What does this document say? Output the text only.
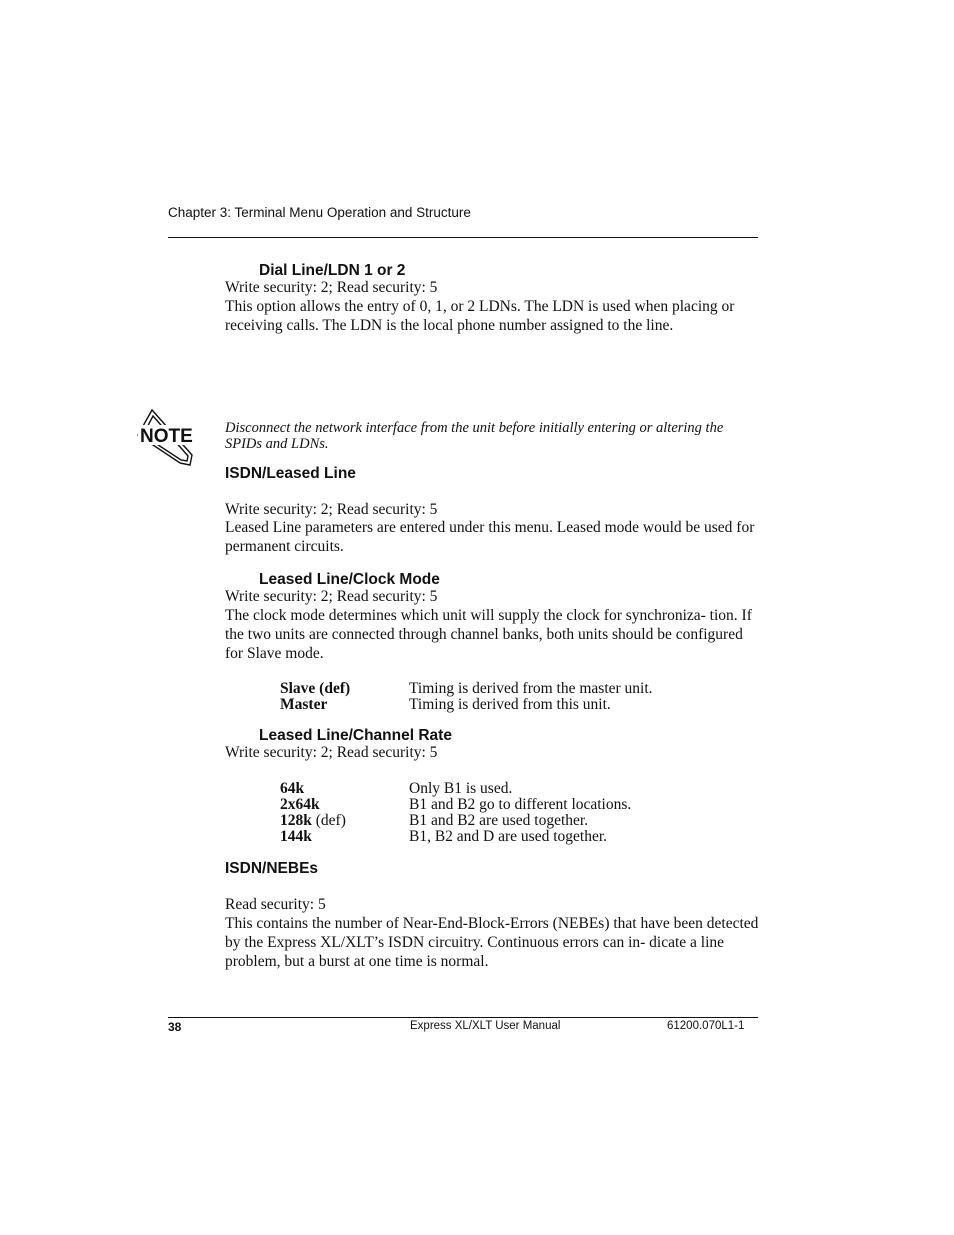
Chapter 3: Terminal Menu Operation and Structure
Dial Line/LDN 1 or 2
Write security: 2; Read security: 5
This option allows the entry of 0, 1, or 2 LDNs. The LDN is used when placing or receiving calls. The LDN is the local phone number assigned to the line.
NOTE Disconnect the network interface from the unit before initially entering or altering the SPIDs and LDNs.
ISDN/Leased Line
Write security: 2; Read security: 5
Leased Line parameters are entered under this menu. Leased mode would be used for permanent circuits.
Leased Line/Clock Mode
Write security: 2; Read security: 5
The clock mode determines which unit will supply the clock for synchroniza- tion. If the two units are connected through channel banks, both units should be configured for Slave mode.
Slave (def)	Timing is derived from the master unit.
Master	Timing is derived from this unit.
Leased Line/Channel Rate
Write security: 2; Read security: 5
64k	Only B1 is used.
2x64k	B1 and B2 go to different locations.
128k (def)	B1 and B2 are used together.
144k	B1, B2 and D are used together.
ISDN/NEBEs
Read security: 5
This contains the number of Near-End-Block-Errors (NEBEs) that have been detected by the Express XL/XLT’s ISDN circuitry. Continuous errors can in- dicate a line problem, but a burst at one time is normal.
38	Express XL/XLT User Manual	61200.070L1-1
